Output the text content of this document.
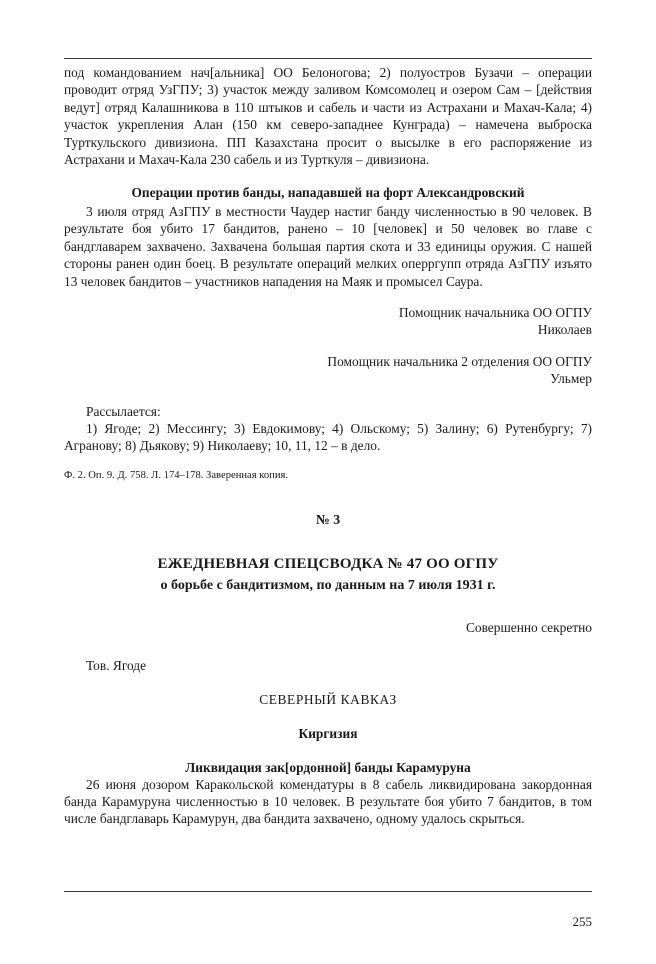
под командованием нач[альника] ОО Белоногова; 2) полуостров Бузачи – операции проводит отряд УзГПУ; 3) участок между заливом Комсомолец и озером Сам – [действия ведут] отряд Калашникова в 110 штыков и сабель и части из Астрахани и Махач-Кала; 4) участок укрепления Алан (150 км северо-западнее Кунграда) – намечена выброска Турткульского дивизиона. ПП Казахстана просит о высылке в его распоряжение из Астрахани и Махач-Кала 230 сабель и из Турткуля – дивизиона.

Операции против банды, нападавшей на форт Александровский

3 июля отряд АзГПУ в местности Чаудер настиг банду численностью в 90 человек. В результате боя убито 17 бандитов, ранено – 10 [человек] и 50 человек во главе с бандглаварем захвачено. Захвачена большая партия скота и 33 единицы оружия. С нашей стороны ранен один боец. В результате операций мелких оперргупп отряда АзГПУ изъято 13 человек бандитов – участников нападения на Маяк и промысел Саура.

Помощник начальника ОО ОГПУ
Николаев
Помощник начальника 2 отделения ОО ОГПУ
Ульмер
Рассылается:

1) Ягоде; 2) Мессингу; 3) Евдокимову; 4) Ольскому; 5) Залину; 6) Рутенбургу; 7) Агранову; 8) Дьякову; 9) Николаеву; 10, 11, 12 – в дело.

Ф. 2. Оп. 9. Д. 758. Л. 174–178. Заверенная копия.
№ 3
ЕЖЕДНЕВНАЯ СПЕЦСВОДКА № 47 ОО ОГПУ
о борьбе с бандитизмом, по данным на 7 июля 1931 г.
Совершенно секретно
Тов. Ягоде
СЕВЕРНЫЙ КАВКАЗ
Киргизия
Ликвидация зак[ордонной] банды Карамуруна

26 июня дозором Каракольской комендатуры в 8 сабель ликвидирована закордонная банда Карамуруна численностью в 10 человек. В результате боя убито 7 бандитов, в том числе бандглаварь Карамурун, два бандита захвачено, одному удалось скрыться.

255
